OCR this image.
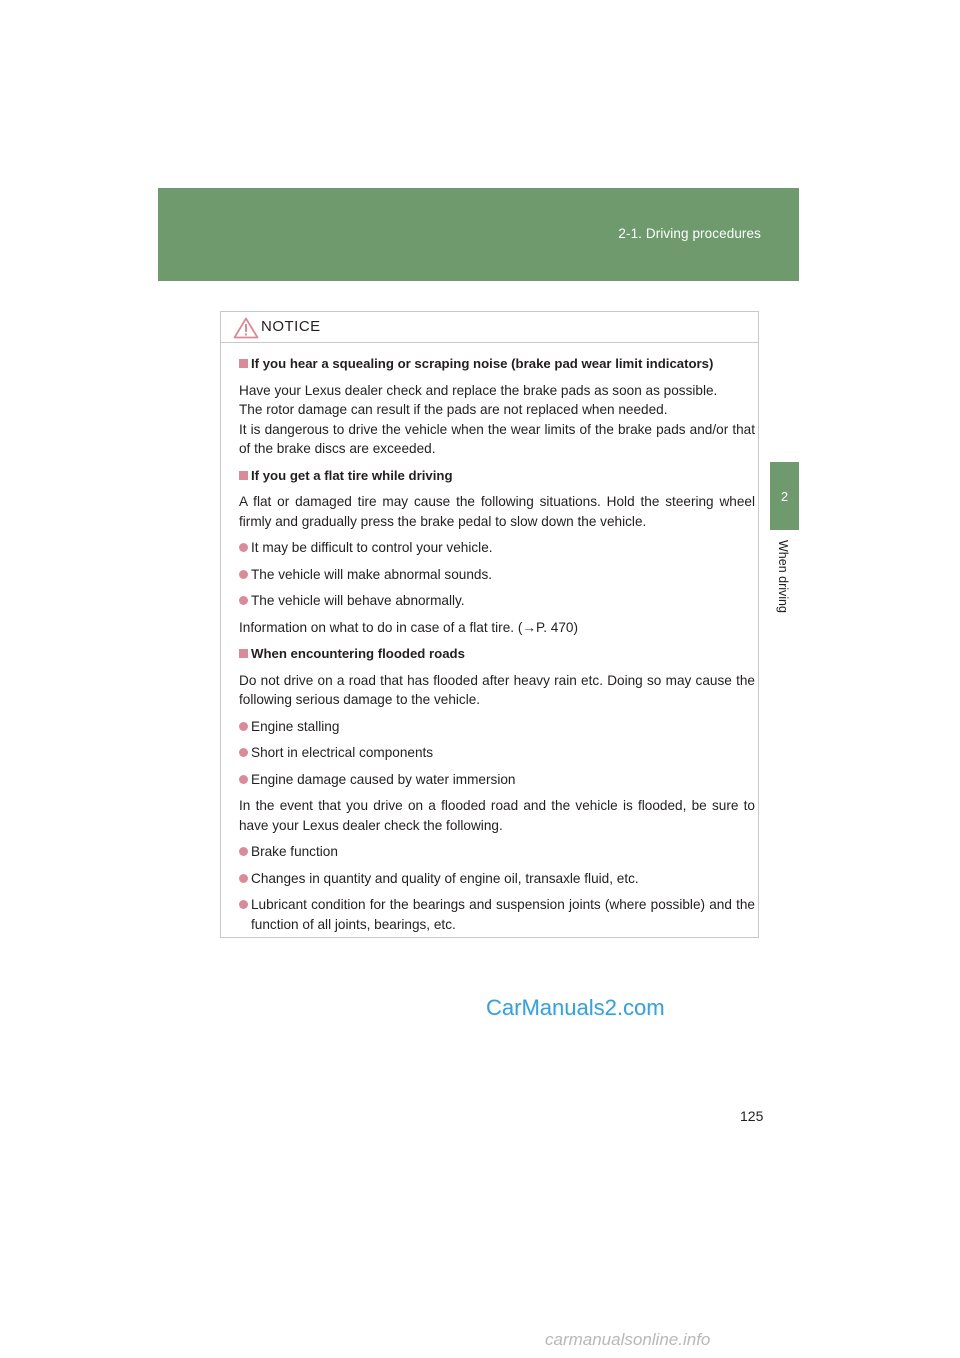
2-1. Driving procedures
2
When driving
NOTICE
If you hear a squealing or scraping noise (brake pad wear limit indicators)
Have your Lexus dealer check and replace the brake pads as soon as possible.
The rotor damage can result if the pads are not replaced when needed.
It is dangerous to drive the vehicle when the wear limits of the brake pads and/or that of the brake discs are exceeded.
If you get a flat tire while driving
A flat or damaged tire may cause the following situations. Hold the steering wheel firmly and gradually press the brake pedal to slow down the vehicle.
It may be difficult to control your vehicle.
The vehicle will make abnormal sounds.
The vehicle will behave abnormally.
Information on what to do in case of a flat tire. (→P. 470)
When encountering flooded roads
Do not drive on a road that has flooded after heavy rain etc. Doing so may cause the following serious damage to the vehicle.
Engine stalling
Short in electrical components
Engine damage caused by water immersion
In the event that you drive on a flooded road and the vehicle is flooded, be sure to have your Lexus dealer check the following.
Brake function
Changes in quantity and quality of engine oil, transaxle fluid, etc.
Lubricant condition for the bearings and suspension joints (where possible) and the function of all joints, bearings, etc.
CarManuals2.com
125
carmanualsonline.info
